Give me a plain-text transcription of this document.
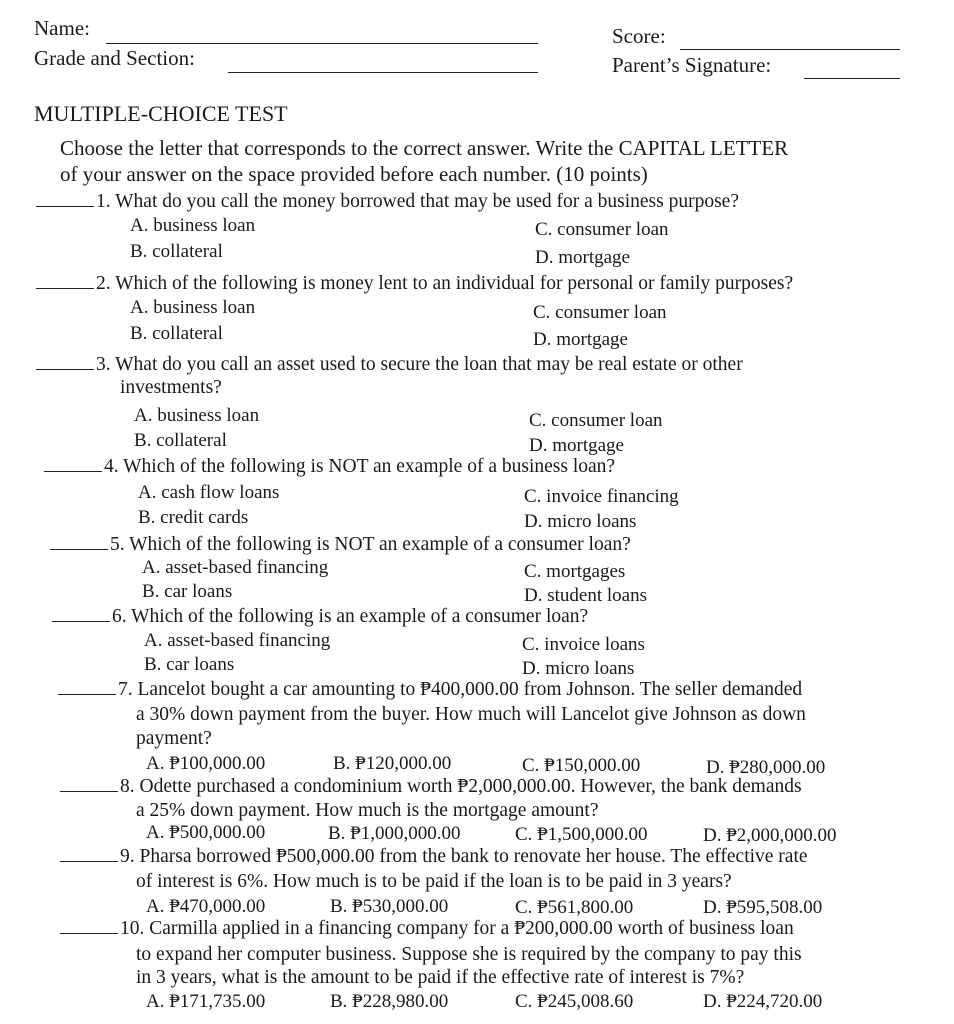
Name:
Grade and Section:
Score:
Parent’s Signature:
MULTIPLE-CHOICE TEST
Choose the letter that corresponds to the correct answer. Write the CAPITAL LETTER
of your answer on the space provided before each number. (10 points)
1. What do you call the money borrowed that may be used for a business purpose?
A. business loan
B. collateral
C. consumer loan
D. mortgage
2. Which of the following is money lent to an individual for personal or family purposes?
A. business loan
B. collateral
C. consumer loan
D. mortgage
3. What do you call an asset used to secure the loan that may be real estate or other
investments?
A. business loan
B. collateral
C. consumer loan
D. mortgage
4. Which of the following is NOT an example of a business loan?
A. cash flow loans
B. credit cards
C. invoice financing
D. micro loans
5. Which of the following is NOT an example of a consumer loan?
A. asset-based financing
B. car loans
C. mortgages
D. student loans
6. Which of the following is an example of a consumer loan?
A. asset-based financing
B. car loans
C. invoice loans
D. micro loans
7. Lancelot bought a car amounting to ₱400,000.00 from Johnson. The seller demanded
a 30% down payment from the buyer. How much will Lancelot give Johnson as down
payment?
A. ₱100,000.00	B. ₱120,000.00	C. ₱150,000.00	D. ₱280,000.00
8. Odette purchased a condominium worth ₱2,000,000.00. However, the bank demands
a 25% down payment. How much is the mortgage amount?
A. ₱500,000.00	B. ₱1,000,000.00	C. ₱1,500,000.00	D. ₱2,000,000.00
9. Pharsa borrowed ₱500,000.00 from the bank to renovate her house. The effective rate
of interest is 6%. How much is to be paid if the loan is to be paid in 3 years?
A. ₱470,000.00	B. ₱530,000.00	C. ₱561,800.00	D. ₱595,508.00
10. Carmilla applied in a financing company for a ₱200,000.00 worth of business loan
to expand her computer business. Suppose she is required by the company to pay this
in 3 years, what is the amount to be paid if the effective rate of interest is 7%?
A. ₱171,735.00	B. ₱228,980.00	C. ₱245,008.60	D. ₱224,720.00
